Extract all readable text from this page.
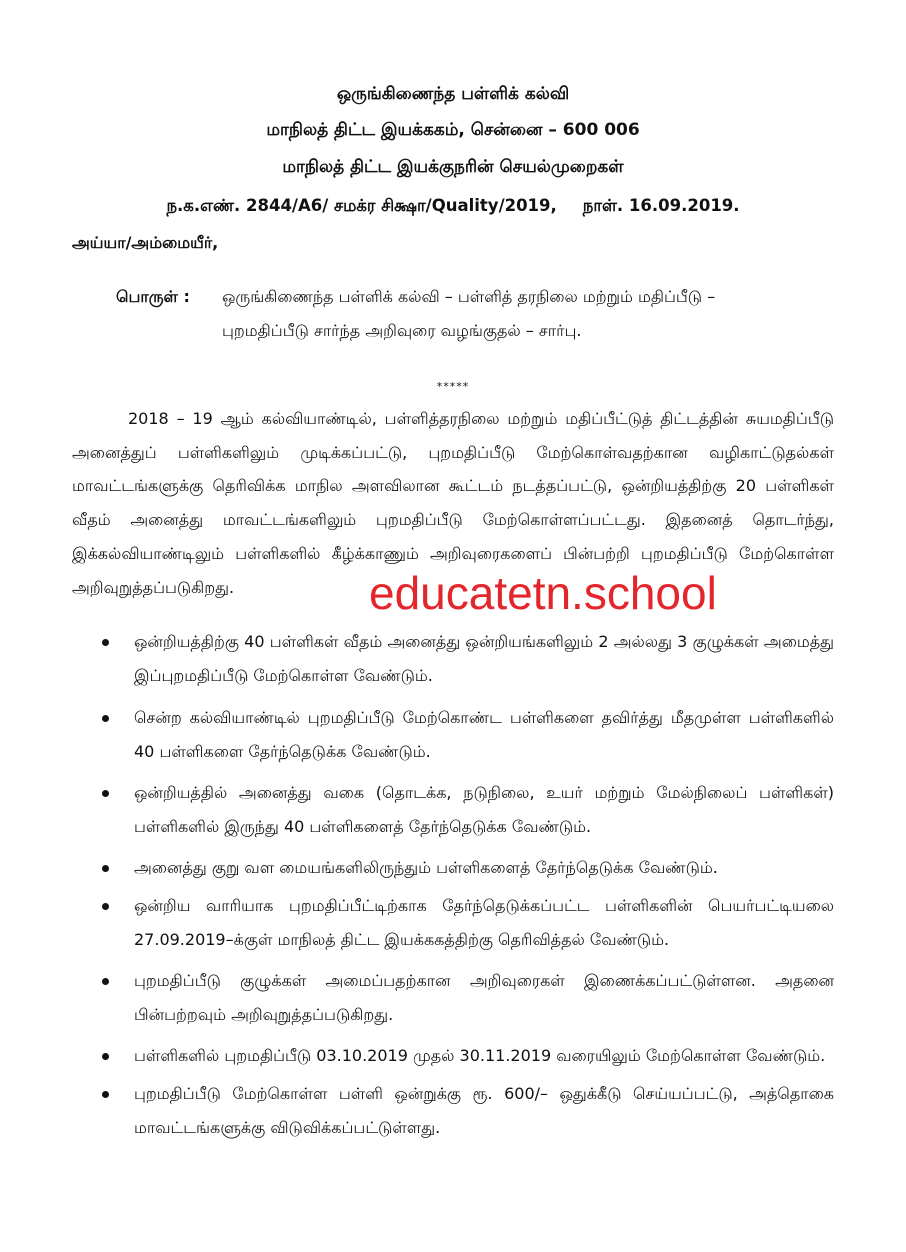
ஒருங்கிணைந்த பள்ளிக் கல்வி
மாநிலத் திட்ட இயக்ககம், சென்னை – 600 006
மாநிலத் திட்ட இயக்குநரின் செயல்முறைகள்
ந.க.எண். 2844/A6/ சமக்ர சிக்ஷா/Quality/2019, நாள். 16.09.2019.
அய்யா/அம்மையீர்,
பொருள் : ஒருங்கிணைந்த பள்ளிக் கல்வி – பள்ளித் தரநிலை மற்றும் மதிப்பீடு –
புறமதிப்பீடு சார்ந்த அறிவுரை வழங்குதல் – சார்பு.
*****
2018 – 19 ஆம் கல்வியாண்டில், பள்ளித்தரநிலை மற்றும் மதிப்பீட்டுத் திட்டத்தின் சுயமதிப்பீடு அனைத்துப் பள்ளிகளிலும் முடிக்கப்பட்டு, புறமதிப்பீடு மேற்கொள்வதற்கான வழிகாட்டுதல்கள் மாவட்டங்களுக்கு தெரிவிக்க மாநில அளவிலான கூட்டம் நடத்தப்பட்டு, ஒன்றியத்திற்கு 20 பள்ளிகள் வீதம் அனைத்து மாவட்டங்களிலும் புறமதிப்பீடு மேற்கொள்ளப்பட்டது. இதனைத் தொடர்ந்து, இக்கல்வியாண்டிலும் பள்ளிகளில் கீழ்க்காணும் அறிவுரைகளைப் பின்பற்றி புறமதிப்பீடு மேற்கொள்ள அறிவுறுத்தப்படுகிறது.	educatetn.school
ஒன்றியத்திற்கு 40 பள்ளிகள் வீதம் அனைத்து ஒன்றியங்களிலும் 2 அல்லது 3 குழுக்கள் அமைத்து இப்புறமதிப்பீடு மேற்கொள்ள வேண்டும்.
சென்ற கல்வியாண்டில் புறமதிப்பீடு மேற்கொண்ட பள்ளிகளை தவிர்த்து மீதமுள்ள பள்ளிகளில் 40 பள்ளிகளை தேர்ந்தெடுக்க வேண்டும்.
ஒன்றியத்தில் அனைத்து வகை (தொடக்க, நடுநிலை, உயர் மற்றும் மேல்நிலைப் பள்ளிகள்) பள்ளிகளில் இருந்து 40 பள்ளிகளைத் தேர்ந்தெடுக்க வேண்டும்.
அனைத்து குறு வள மையங்களிலிருந்தும் பள்ளிகளைத் தேர்ந்தெடுக்க வேண்டும்.
ஒன்றிய வாரியாக புறமதிப்பீட்டிற்காக தேர்ந்தெடுக்கப்பட்ட பள்ளிகளின் பெயர்பட்டியலை 27.09.2019–க்குள் மாநிலத் திட்ட இயக்ககத்திற்கு தெரிவித்தல் வேண்டும்.
புறமதிப்பீடு குழுக்கள் அமைப்பதற்கான அறிவுரைகள் இணைக்கப்பட்டுள்ளன. அதனை பின்பற்றவும் அறிவுறுத்தப்படுகிறது.
பள்ளிகளில் புறமதிப்பீடு 03.10.2019 முதல் 30.11.2019 வரையிலும் மேற்கொள்ள வேண்டும்.
புறமதிப்பீடு மேற்கொள்ள பள்ளி ஒன்றுக்கு ரூ. 600/– ஒதுக்கீடு செய்யப்பட்டு, அத்தொகை மாவட்டங்களுக்கு விடுவிக்கப்பட்டுள்ளது.
